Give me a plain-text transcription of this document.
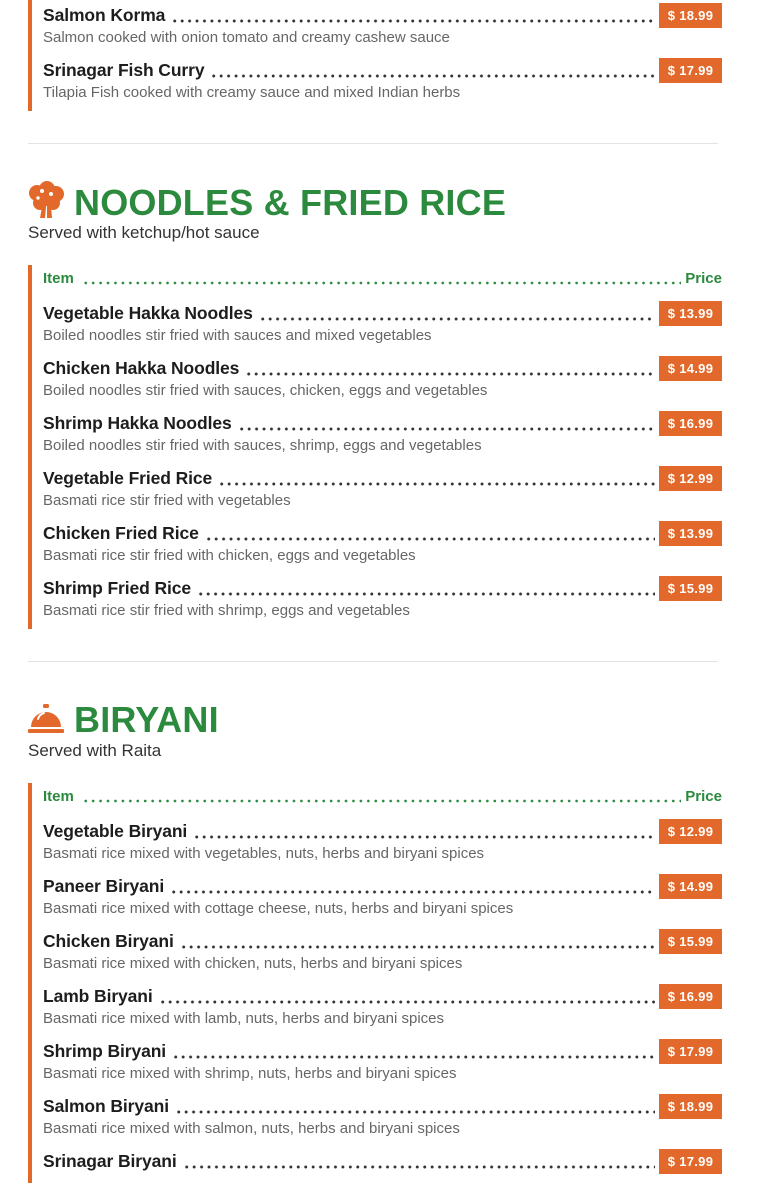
Salmon Korma	$ 18.99
Salmon cooked with onion tomato and creamy cashew sauce
Srinagar Fish Curry	$ 17.99
Tilapia Fish cooked with creamy sauce and mixed Indian herbs
NOODLES & FRIED RICE
Served with ketchup/hot sauce
Item	Price
Vegetable Hakka Noodles	$ 13.99
Boiled noodles stir fried with sauces and mixed vegetables
Chicken Hakka Noodles	$ 14.99
Boiled noodles stir fried with sauces, chicken, eggs and vegetables
Shrimp Hakka Noodles	$ 16.99
Boiled noodles stir fried with sauces, shrimp, eggs and vegetables
Vegetable Fried Rice	$ 12.99
Basmati rice stir fried with vegetables
Chicken Fried Rice	$ 13.99
Basmati rice stir fried with chicken, eggs and vegetables
Shrimp Fried Rice	$ 15.99
Basmati rice stir fried with shrimp, eggs and vegetables
BIRYANI
Served with Raita
Item	Price
Vegetable Biryani	$ 12.99
Basmati rice mixed with vegetables, nuts, herbs and biryani spices
Paneer Biryani	$ 14.99
Basmati rice mixed with cottage cheese, nuts, herbs and biryani spices
Chicken Biryani	$ 15.99
Basmati rice mixed with chicken, nuts, herbs and biryani spices
Lamb Biryani	$ 16.99
Basmati rice mixed with lamb, nuts, herbs and biryani spices
Shrimp Biryani	$ 17.99
Basmati rice mixed with shrimp, nuts, herbs and biryani spices
Salmon Biryani	$ 18.99
Basmati rice mixed with salmon, nuts, herbs and biryani spices
Srinagar Biryani	$ 17.99
